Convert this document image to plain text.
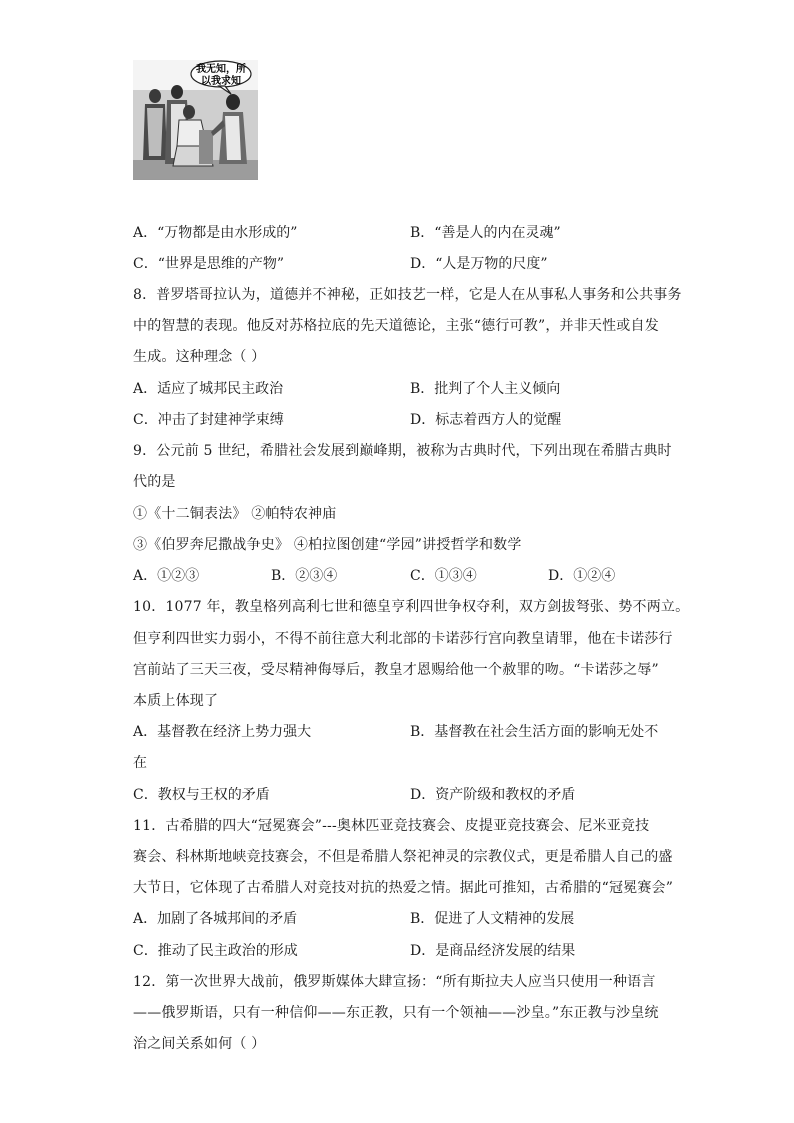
我无知，所
以我求知
A．“万物都是由水形成的”	B．“善是人的内在灵魂”
C．“世界是思维的产物”	D．“人是万物的尺度”
8．普罗塔哥拉认为，道德并不神秘，正如技艺一样，它是人在从事私人事务和公共事务
中的智慧的表现。他反对苏格拉底的先天道德论，主张“德行可教”，并非天性或自发
生成。这种理念（ ）
A．适应了城邦民主政治	B．批判了个人主义倾向
C．冲击了封建神学束缚	D．标志着西方人的觉醒
9．公元前 5 世纪，希腊社会发展到巅峰期，被称为古典时代，下列出现在希腊古典时
代的是
①《十二铜表法》 ②帕特农神庙
③《伯罗奔尼撒战争史》 ④柏拉图创建“学园”讲授哲学和数学
A．①②③	B．②③④	C．①③④	D．①②④
10．1077 年，教皇格列高利七世和德皇亨利四世争权夺利，双方剑拔弩张、势不两立。
但亨利四世实力弱小，不得不前往意大利北部的卡诺莎行宫向教皇请罪，他在卡诺莎行
宫前站了三天三夜，受尽精神侮辱后，教皇才恩赐给他一个赦罪的吻。“卡诺莎之辱”
本质上体现了
A．基督教在经济上势力强大	B．基督教在社会生活方面的影响无处不
在
C．教权与王权的矛盾	D．资产阶级和教权的矛盾
11．古希腊的四大“冠冕赛会”---奥林匹亚竞技赛会、皮提亚竞技赛会、尼米亚竞技
赛会、科林斯地峡竞技赛会，不但是希腊人祭祀神灵的宗教仪式，更是希腊人自己的盛
大节日，它体现了古希腊人对竞技对抗的热爱之情。据此可推知，古希腊的“冠冕赛会”
A．加剧了各城邦间的矛盾	B．促进了人文精神的发展
C．推动了民主政治的形成	D．是商品经济发展的结果
12．第一次世界大战前，俄罗斯媒体大肆宣扬：“所有斯拉夫人应当只使用一种语言
——俄罗斯语，只有一种信仰——东正教，只有一个领袖——沙皇。”东正教与沙皇统
治之间关系如何（ ）
